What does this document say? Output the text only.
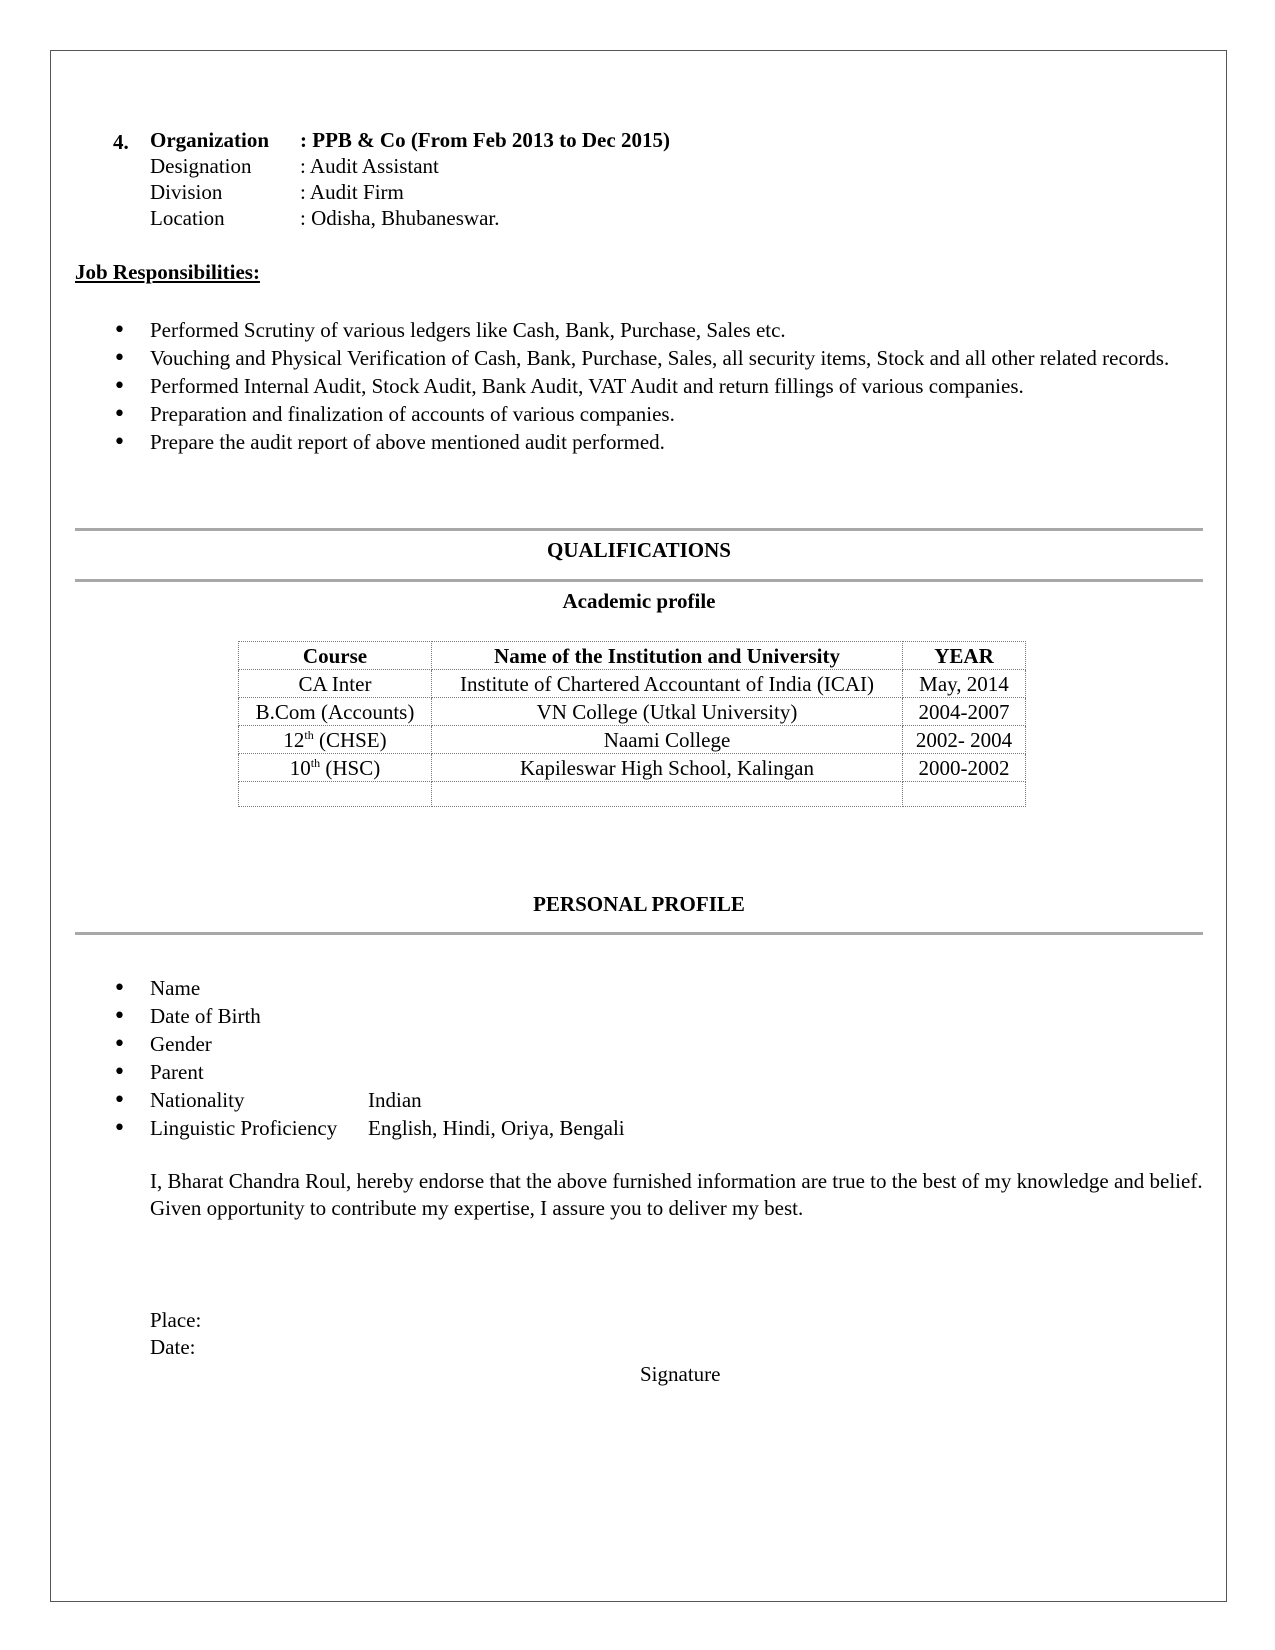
4. Organization : PPB & Co (From Feb 2013 to Dec 2015)
Designation : Audit Assistant
Division	: Audit Firm
Location	: Odisha, Bhubaneswar.
Job Responsibilities:
• Performed Scrutiny of various ledgers like Cash, Bank, Purchase, Sales etc.
• Vouching and Physical Verification of Cash, Bank, Purchase, Sales, all security items, Stock and all other related records.
• Performed Internal Audit, Stock Audit, Bank Audit, VAT Audit and return fillings of various companies.
• Preparation and finalization of accounts of various companies.
• Prepare the audit report of above mentioned audit performed.
QUALIFICATIONS
Academic profile
Course	Name of the Institution and University	YEAR
CA Inter	Institute of Chartered Accountant of India (ICAI)	May, 2014
B.Com (Accounts)	VN College (Utkal University)	2004-2007
12th (CHSE)	Naami College	2002- 2004
10th (HSC)	Kapileswar High School, Kalingan	2000-2002

PERSONAL PROFILE
• Name
• Date of Birth
• Gender
• Parent
• Nationality	Indian
• Linguistic Proficiency English, Hindi, Oriya, Bengali
I, Bharat Chandra Roul, hereby endorse that the above furnished information are true to the best of my knowledge and belief. Given opportunity to contribute my expertise, I assure you to deliver my best.
Place:
Date:
Signature
